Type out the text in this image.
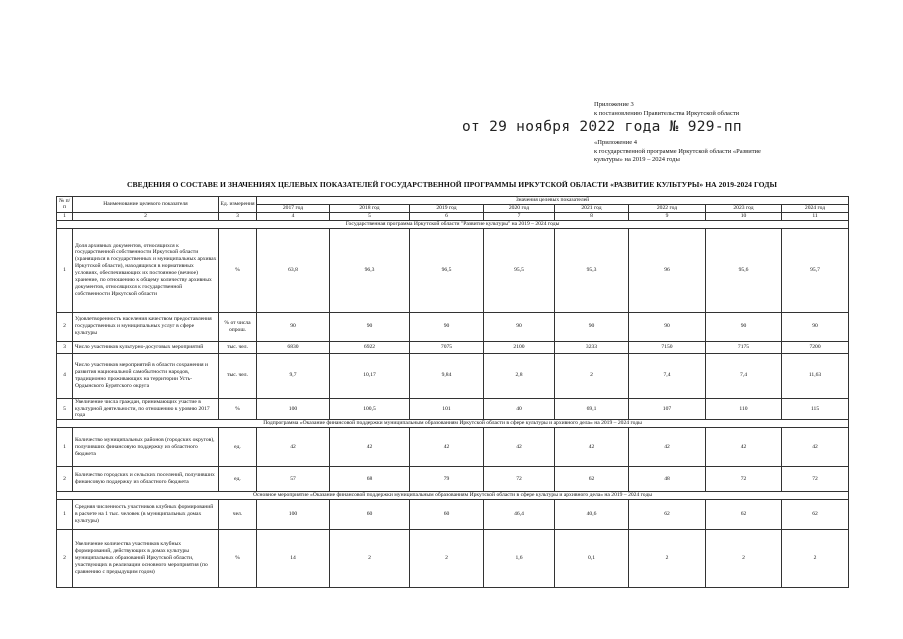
Приложение 3
к постановлению Правительства Иркутской области
от 29 ноября 2022 года № 929-пп
«Приложение 4
к государственной программе Иркутской области «Развитие
культуры» на 2019 – 2024 годы
СВЕДЕНИЯ О СОСТАВЕ И ЗНАЧЕНИЯХ ЦЕЛЕВЫХ ПОКАЗАТЕЛЕЙ ГОСУДАРСТВЕННОЙ ПРОГРАММЫ ИРКУТСКОЙ ОБЛАСТИ «РАЗВИТИЕ КУЛЬТУРЫ» НА 2019-2024 ГОДЫ
№ п/п	Наименование целевого показателя	Ед. измерения	Значения целевых показателей							
			2017 год	2018 год	2019 год	2020 год	2021 год	2022 год	2023 год	2024 год
1	2	3	4	5	6	7	8	9	10	11
Государственная программа Иркутской области "Развитие культуры" на 2019 – 2024 годы										
1	Доля архивных документов, относящихся к государственной собственности Иркутской области (хранящихся в государственных и муниципальных архивах Иркутской области), находящихся в нормативных условиях, обеспечивающих их постоянное (вечное) хранение, по отношению к общему количеству архивных документов, относящихся к государственной собственности Иркутской области	%	63,8	96,3	96,5	95,5	95,3	96	95,6	95,7
2	Удовлетворенность населения качеством предоставления государственных и муниципальных услуг в сфере культуры	% от числа опрош.	90	90	90	90	90	90	90	90
3	Число участников культурно-досуговых мероприятий	тыс. чел.	6830	6922	7075	2100	3233	7150	7175	7200
4	Число участников мероприятий в области сохранения и развития национальной самобытности народов, традиционно проживающих на территории Усть-Ордынского Бурятского округа	тыс. чел.	9,7	10,17	9,84	2,8	2	7,4	7,4	11,63
5	Увеличение числа граждан, принимающих участие в культурной деятельности, по отношению к уровню 2017 года	%	100	100,5	101	40	69,1	107	110	115
Подпрограмма «Оказание финансовой поддержки муниципальным образованиям Иркутской области в сфере культуры и архивного дела» на 2019 – 2024 годы										
1	Количество муниципальных районов (городских округов), получивших финансовую поддержку из областного бюджета	ед.	42	42	42	42	42	42	42	42
2	Количество городских и сельских поселений, получивших финансовую поддержку из областного бюджета	ед.	57	68	79	72	62	48	72	72
Основное мероприятие «Оказание финансовой поддержки муниципальным образованиям Иркутской области в сфере культуры и архивного дела» на 2019 – 2024 годы										
1	Средняя численность участников клубных формирований в расчете на 1 тыс. человек (в муниципальных домах культуры)	чел.	100	60	60	46,4	40,6	62	62	62
2	Увеличение количества участников клубных формирований, действующих в домах культуры муниципальных образований Иркутской области, участвующих в реализации основного мероприятия (по сравнению с предыдущим годом)	%	14	2	2	1,6	0,1	2	2	2
